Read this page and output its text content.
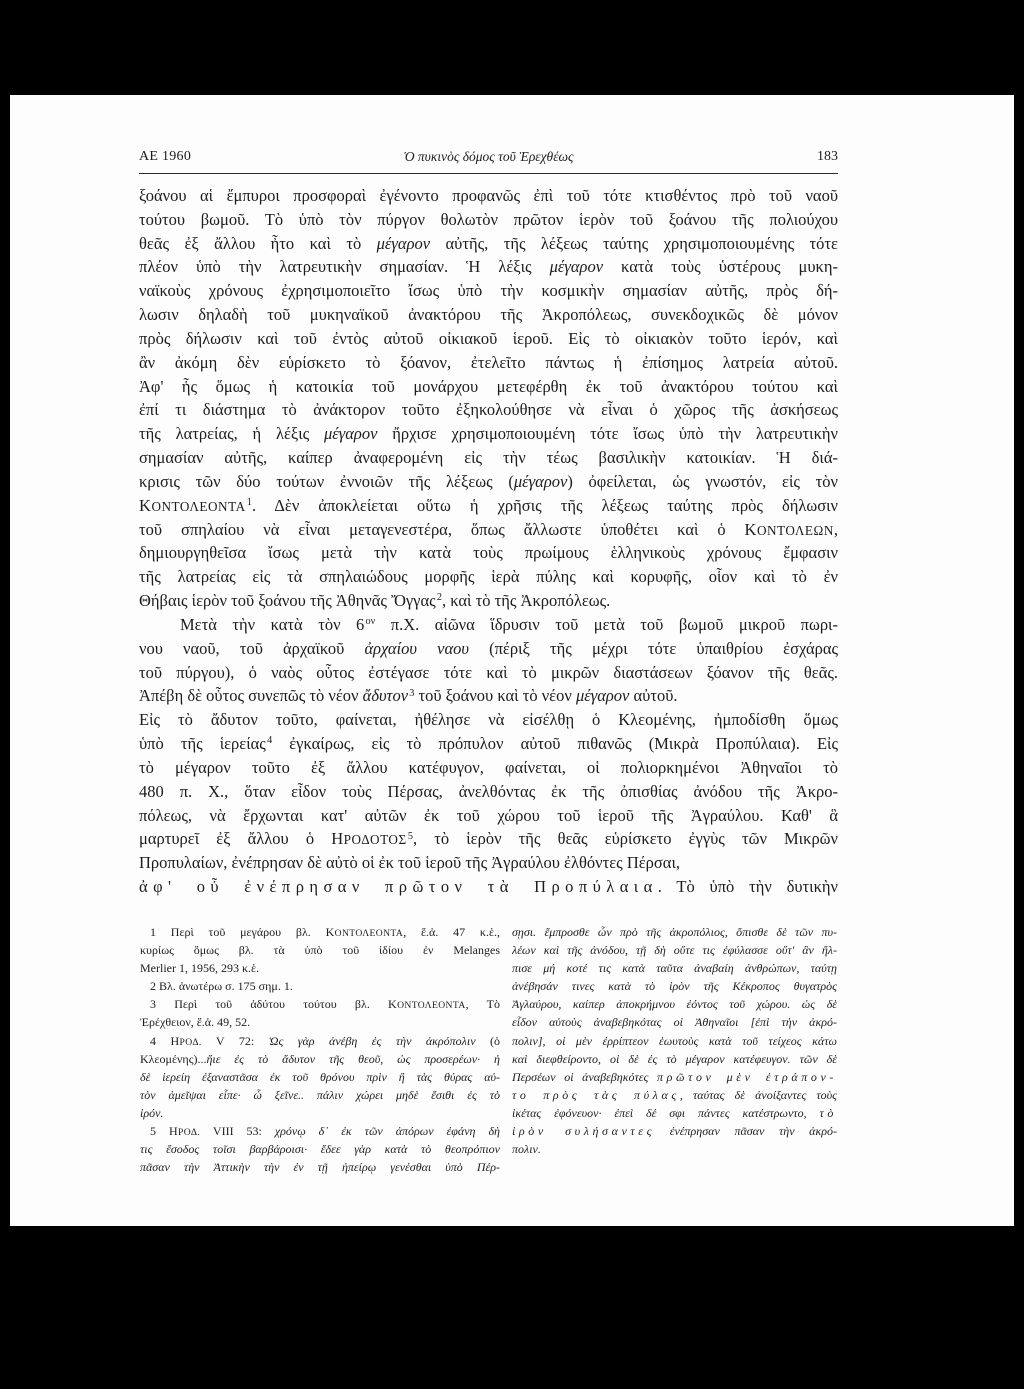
ΑΕ 1960	Ὁ πυκινὸς δόμος τοῦ Ἐρεχθέως	183
ξοάνου αἱ ἔμπυροι προσφοραὶ ἐγένοντο προφανῶς ἐπὶ τοῦ τότε κτισθέντος πρὸ τοῦ ναοῦ
τούτου βωμοῦ. Τὸ ὑπὸ τὸν πύργον θολωτὸν πρῶτον ἱερὸν τοῦ ξοάνου τῆς πολιούχου
θεᾶς ἐξ ἄλλου ἦτο καὶ τὸ μέγαρον αὐτῆς, τῆς λέξεως ταύτης χρησιμοποιουμένης τότε
πλέον ὑπὸ τὴν λατρευτικὴν σημασίαν. Ἡ λέξις μέγαρον κατὰ τοὺς ὑστέρους μυκη-
ναϊκοὺς χρόνους ἐχρησιμοποιεῖτο ἴσως ὑπὸ τὴν κοσμικὴν σημασίαν αὐτῆς, πρὸς δή-
λωσιν δηλαδὴ τοῦ μυκηναϊκοῦ ἀνακτόρου τῆς Ἀκροπόλεως, συνεκδοχικῶς δὲ μόνον
πρὸς δήλωσιν καὶ τοῦ ἐντὸς αὐτοῦ οἰκιακοῦ ἱεροῦ. Εἰς τὸ οἰκιακὸν τοῦτο ἱερόν, καὶ
ἂν ἀκόμη δὲν εὑρίσκετο τὸ ξόανον, ἐτελεῖτο πάντως ἡ ἐπίσημος λατρεία αὐτοῦ.
Ἀφ' ἧς ὅμως ἡ κατοικία τοῦ μονάρχου μετεφέρθη ἐκ τοῦ ἀνακτόρου τούτου καὶ
ἐπί τι διάστημα τὸ ἀνάκτορον τοῦτο ἐξηκολούθησε νὰ εἶναι ὁ χῶρος τῆς ἀσκήσεως
τῆς λατρείας, ἡ λέξις μέγαρον ἤρχισε χρησιμοποιουμένη τότε ἴσως ὑπὸ τὴν λατρευτικὴν
σημασίαν αὐτῆς, καίπερ ἀναφερομένη εἰς τὴν τέως βασιλικὴν κατοικίαν. Ἡ διά-
κρισις τῶν δύο τούτων ἐννοιῶν τῆς λέξεως (μέγαρον) ὀφείλεται, ὡς γνωστόν, εἰς τὸν
ΚΟΝΤΟΛΕΟΝΤΑ$^1$. Δὲν ἀποκλείεται οὕτω ἡ χρῆσις τῆς λέξεως ταύτης πρὸς δήλωσιν
τοῦ σπηλαίου νὰ εἶναι μεταγενεστέρα, ὅπως ἄλλωστε ὑποθέτει καὶ ὁ ΚΟΝΤΟΛΕΩΝ,
δημιουργηθεῖσα ἴσως μετὰ τὴν κατὰ τοὺς πρωίμους ἑλληνικοὺς χρόνους ἔμφασιν
τῆς λατρείας εἰς τὰ σπηλαιώδους μορφῆς ἱερὰ πύλης καὶ κορυφῆς, οἷον καὶ τὸ ἐν
Θήβαις ἱερὸν τοῦ ξοάνου τῆς Ἀθηνᾶς Ὄγγας$^2$, καὶ τὸ τῆς Ἀκροπόλεως.
Μετὰ τὴν κατὰ τὸν $6^{o\nu}$ π.Χ. αἰῶνα ἵδρυσιν τοῦ μετὰ τοῦ βωμοῦ μικροῦ πωρι-
νου ναοῦ, τοῦ ἀρχαϊκοῦ ἀρχαίου ναου (πέριξ τῆς μέχρι τότε ὑπαιθρίου ἐσχάρας
τοῦ πύργου), ὁ ναὸς οὗτος ἐστέγασε τότε καὶ τὸ μικρῶν διαστάσεων ξόανον τῆς θεᾶς.
Ἀπέβη δὲ οὗτος συνεπῶς τὸ νέον ἄδυτον$^3$ τοῦ ξοάνου καὶ τὸ νέον μέγαρον αὐτοῦ.
Εἰς τὸ ἄδυτον τοῦτο, φαίνεται, ἠθέλησε νὰ εἰσέλθῃ ὁ Κλεομένης, ἠμποδίσθη ὅμως
ὑπὸ τῆς ἱερείας$^4$ ἐγκαίρως, εἰς τὸ πρόπυλον αὐτοῦ πιθανῶς (Μικρὰ Προπύλαια). Εἰς
τὸ μέγαρον τοῦτο ἐξ ἄλλου κατέφυγον, φαίνεται, οἱ πολιορκημένοι Ἀθηναῖοι τὸ
480 π. Χ., ὅταν εἶδον τοὺς Πέρσας, ἀνελθόντας ἐκ τῆς ὀπισθίας ἀνόδου τῆς Ἀκρο-
πόλεως, νὰ ἔρχωνται κατ' αὐτῶν ἐκ τοῦ χώρου τοῦ ἱεροῦ τῆς Ἀγραύλου. Καθ' ἃ
μαρτυρεῖ ἐξ ἄλλου ὁ ΗΡΟΔΟΤΟΣ$^5$, τὸ ἱερὸν τῆς θεᾶς εὑρίσκετο ἐγγὺς τῶν Μικρῶν
Προπυλαίων, ἐνέπρησαν δὲ αὐτὸ οἱ ἐκ τοῦ ἱεροῦ τῆς Ἀγραύλου ἐλθόντες Πέρσαι,
ἀφ' οὗ ἐνέπρησαν πρῶτον τὰ Προπύλαια. Τὸ ὑπὸ τὴν δυτικὴν
1 Περὶ τοῦ μεγάρου βλ. ΚΟΝΤΟΛΕΟΝΤΑ, ἔ.ἀ. 47 κ.ἑ.,
κυρίως ὅμως βλ. τὰ ὑπὸ τοῦ ἰδίου ἐν Melanges
Merlier 1, 1956, 293 κ.ἑ.
2 Βλ. ἀνωτέρω σ. 175 σημ. 1.
3 Περὶ τοῦ ἀδύτου τούτου βλ. ΚΟΝΤΟΛΕΟΝΤΑ, Τὸ
Ἐρέχθειον, ἔ.ἀ. 49, 52.
4 ΗΡΟΔ. V 72: Ὡς γὰρ ἀνέβη ἐς τὴν ἀκρόπολιν (ὁ
Κλεομένης)...ἤιε ἐς τὸ ἄδυτον τῆς θεοῦ, ὡς προσερέων· ἡ
δὲ ἱερείη ἐξαναστᾶσα ἐκ τοῦ θρόνου πρὶν ἢ τὰς θύρας αὐ-
τὸν ἀμεῖψαι εἶπε· ὦ ξεῖνε.. πάλιν χώρει μηδὲ ἔσιθι ἐς τὸ
ἱρόν.
5 ΗΡΟΔ. VIII 53: χρόνῳ δ᾽ ἐκ τῶν ἀπόρων ἐφάνη δὴ
τις ἔσοδος τοῖσι βαρβάροισι· ἔδεε γὰρ κατὰ τὸ θεοπρόπιον
πᾶσαν τὴν Ἀττικὴν τὴν ἐν τῇ ἠπείρῳ γενέσθαι ὑπὸ Πέρ-
σῃσι. ἔμπροσθε ὦν πρὸ τῆς ἀκροπόλιος, ὄπισθε δὲ τῶν πυ-
λέων καὶ τῆς ἀνόδου, τῇ δὴ οὔτε τις ἐφύλασσε οὔτ' ἂν ἤλ-
πισε μή κοτέ τις κατὰ ταῦτα ἀναβαίη ἀνθρώπων, ταύτῃ
ἀνέβησάν τινες κατὰ τὸ ἱρὸν τῆς Κέκροπος θυγατρὸς
Ἀγλαύρου, καίπερ ἀποκρήμνου ἐόντος τοῦ χώρου. ὡς δὲ
εἶδον αὐτοὺς ἀναβεβηκότας οἱ Ἀθηναῖοι [ἐπὶ τὴν ἀκρό-
πολιν], οἱ μὲν ἐρρίπτεον ἑωυτοὺς κατὰ τοῦ τείχεος κάτω
καὶ διεφθείροντο, οἱ δὲ ἐς τὸ μέγαρον κατέφευγον. τῶν δὲ
Περσέων οἱ ἀναβεβηκότες πρῶτον μὲν ἐτράπον-
το πρὸς τὰς πύλας, ταύτας δὲ ἀνοίξαντες τοὺς
ἱκέτας ἐφόνευον· ἐπεὶ δέ σφι πάντες κατέστρωντο, τὸ
ἱρὸν συλήσαντες ἐνέπρησαν πᾶσαν τὴν ἀκρό-
πολιν.
